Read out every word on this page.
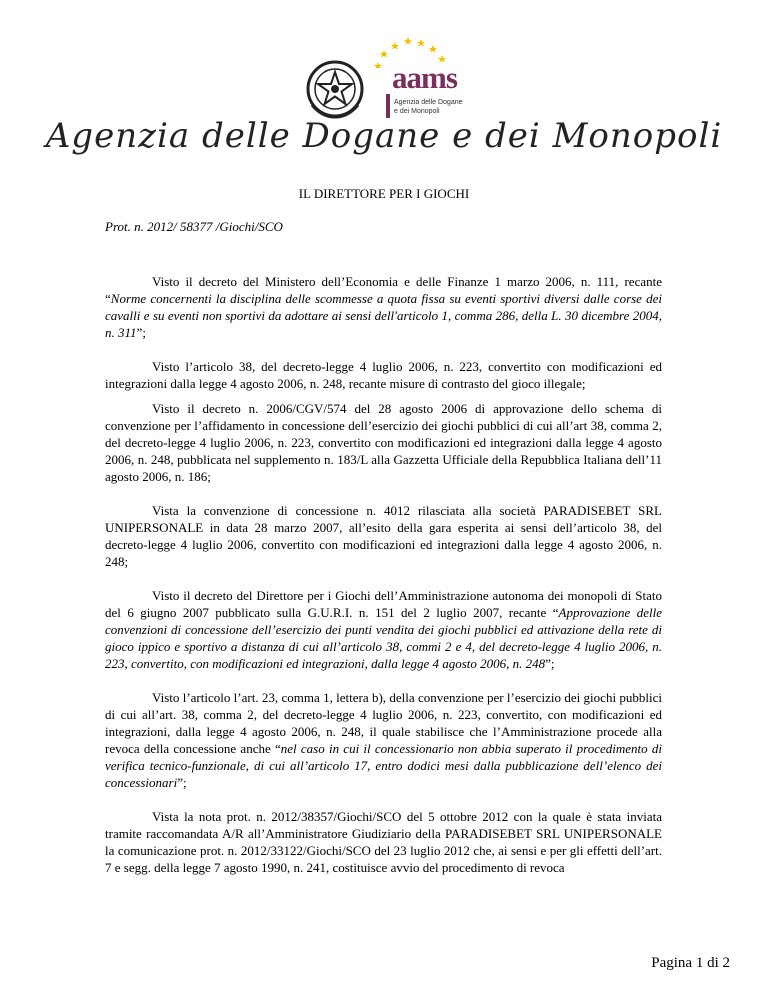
aams
Agenzia delle Dogane
e dei Monopoli
Agenzia delle Dogane e dei Monopoli
IL DIRETTORE PER I GIOCHI
Prot. n. 2012/ 58377 /Giochi/SCO

Visto il decreto del Ministero dell’Economia e delle Finanze 1 marzo 2006, n. 111, recante “Norme concernenti la disciplina delle scommesse a quota fissa su eventi sportivi diversi dalle corse dei cavalli e su eventi non sportivi da adottare ai sensi dell'articolo 1, comma 286, della L. 30 dicembre 2004, n. 311”;

Visto l’articolo 38, del decreto-legge 4 luglio 2006, n. 223, convertito con modificazioni ed integrazioni dalla legge 4 agosto 2006, n. 248, recante misure di contrasto del gioco illegale;

Visto il decreto n. 2006/CGV/574 del 28 agosto 2006 di approvazione dello schema di convenzione per l’affidamento in concessione dell’esercizio dei giochi pubblici di cui all’art 38, comma 2, del decreto-legge 4 luglio 2006, n. 223, convertito con modificazioni ed integrazioni dalla legge 4 agosto 2006, n. 248, pubblicata nel supplemento n. 183/L alla Gazzetta Ufficiale della Repubblica Italiana dell’11 agosto 2006, n. 186;

Vista la convenzione di concessione n. 4012 rilasciata alla società PARADISEBET SRL UNIPERSONALE in data 28 marzo 2007, all’esito della gara esperita ai sensi dell’articolo 38, del decreto-legge 4 luglio 2006, convertito con modificazioni ed integrazioni dalla legge 4 agosto 2006, n. 248;

Visto il decreto del Direttore per i Giochi dell’Amministrazione autonoma dei monopoli di Stato del 6 giugno 2007 pubblicato sulla G.U.R.I. n. 151 del 2 luglio 2007, recante “Approvazione delle convenzioni di concessione dell’esercizio dei punti vendita dei giochi pubblici ed attivazione della rete di gioco ippico e sportivo a distanza di cui all’articolo 38, commi 2 e 4, del decreto-legge 4 luglio 2006, n. 223, convertito, con modificazioni ed integrazioni, dalla legge 4 agosto 2006, n. 248”;

Visto l’articolo l’art. 23, comma 1, lettera b), della convenzione per l’esercizio dei giochi pubblici di cui all’art. 38, comma 2, del decreto-legge 4 luglio 2006, n. 223, convertito, con modificazioni ed integrazioni, dalla legge 4 agosto 2006, n. 248, il quale stabilisce che l’Amministrazione procede alla revoca della concessione anche “nel caso in cui il concessionario non abbia superato il procedimento di verifica tecnico-funzionale, di cui all’articolo 17, entro dodici mesi dalla pubblicazione dell’elenco dei concessionari”;

Vista la nota prot. n. 2012/38357/Giochi/SCO del 5 ottobre 2012 con la quale è stata inviata tramite raccomandata A/R all’Amministratore Giudiziario della PARADISEBET SRL UNIPERSONALE la comunicazione prot. n. 2012/33122/Giochi/SCO del 23 luglio 2012 che, ai sensi e per gli effetti dell’art. 7 e segg. della legge 7 agosto 1990, n. 241, costituisce avvio del procedimento di revoca

Pagina 1 di 2
